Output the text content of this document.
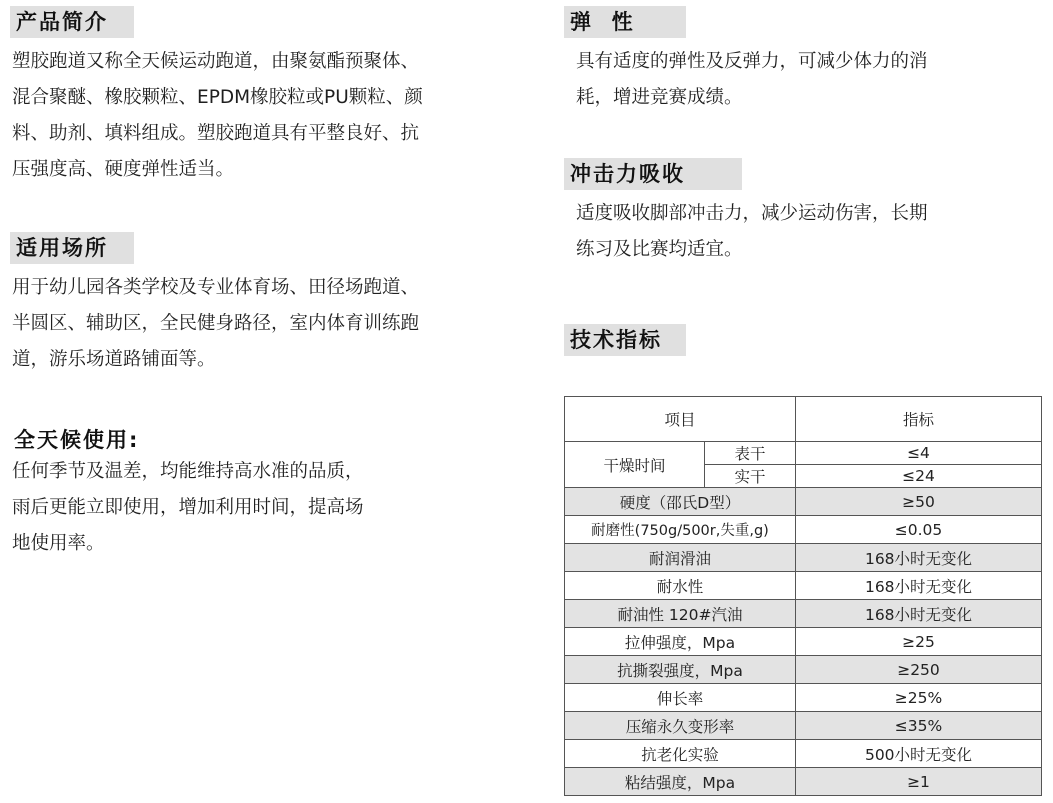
产品简介
塑胶跑道又称全天候运动跑道，由聚氨酯预聚体、
混合聚醚、橡胶颗粒、EPDM橡胶粒或PU颗粒、颜
料、助剂、填料组成。塑胶跑道具有平整良好、抗
压强度高、硬度弹性适当。
适用场所
用于幼儿园各类学校及专业体育场、田径场跑道、
半圆区、辅助区，全民健身路径，室内体育训练跑
道，游乐场道路铺面等。
全天候使用:
任何季节及温差，均能维持高水准的品质，
雨后更能立即使用，增加利用时间，提高场
地使用率。
弹  性
具有适度的弹性及反弹力，可减少体力的消
耗，增进竞赛成绩。
冲击力吸收
适度吸收脚部冲击力，减少运动伤害，长期
练习及比赛均适宜。
技术指标
项目		指标
干燥时间	表干	≤4
	实干	≤24
硬度（邵氏D型）		≥50
耐磨性(750g/500r,失重,g)		≤0.05
耐润滑油		168小时无变化
耐水性		168小时无变化
耐油性 120#汽油		168小时无变化
拉伸强度，Mpa		≥25
抗撕裂强度，Mpa		≥250
伸长率		≥25%
压缩永久变形率		≤35%
抗老化实验		500小时无变化
粘结强度，Mpa		≥1
